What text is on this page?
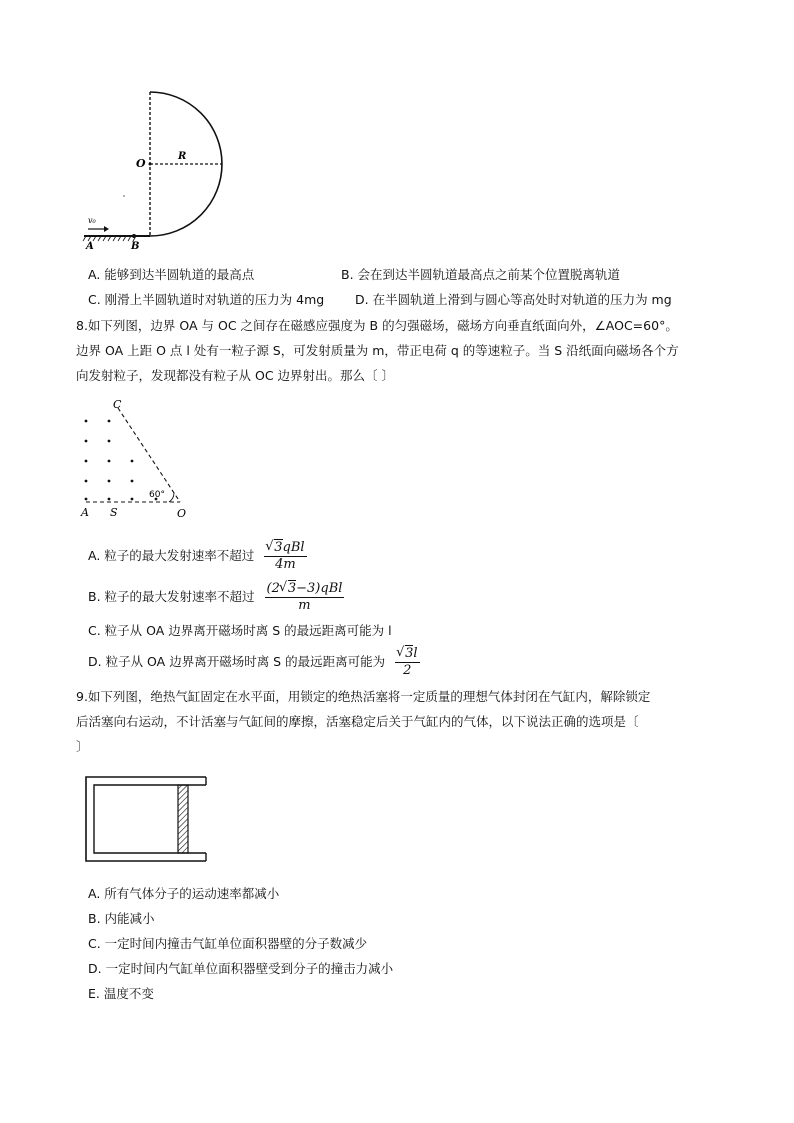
O
R
v₀
A	B
A. 能够到达半圆轨道的最高点	B. 会在到达半圆轨道最高点之前某个位置脱离轨道
C. 刚滑上半圆轨道时对轨道的压力为 4mg D. 在半圆轨道上滑到与圆心等高处时对轨道的压力为 mg
8.如下列图，边界 OA 与 OC 之间存在磁感应强度为 B 的匀强磁场，磁场方向垂直纸面向外，∠AOC=60°。
边界 OA 上距 O 点 l 处有一粒子源 S，可发射质量为 m，带正电荷 q 的等速粒子。当 S 沿纸面向磁场各个方
向发射粒子，发现都没有粒子从 OC 边界射出。那么〔 〕
C
A S	O
60°
A. 粒子的最大发射速率不超过 √ $\frac{\text{3qBl}}{4m}$
B. 粒子的最大发射速率不超过 $\frac{\text{(2 √ 3−3)qBl}}{m}$
C. 粒子从 OA 边界离开磁场时离 S 的最远距离可能为 l
D. 粒子从 OA 边界离开磁场时离 S 的最远距离可能为 √ $\frac{3l}{2}$
9.如下列图，绝热气缸固定在水平面，用锁定的绝热活塞将一定质量的理想气体封闭在气缸内，解除锁定
后活塞向右运动，不计活塞与气缸间的摩擦，活塞稳定后关于气缸内的气体，以下说法正确的选项是〔
〕
A. 所有气体分子的运动速率都减小
B. 内能减小
C. 一定时间内撞击气缸单位面积器壁的分子数减少
D. 一定时间内气缸单位面积器壁受到分子的撞击力减小
E. 温度不变
